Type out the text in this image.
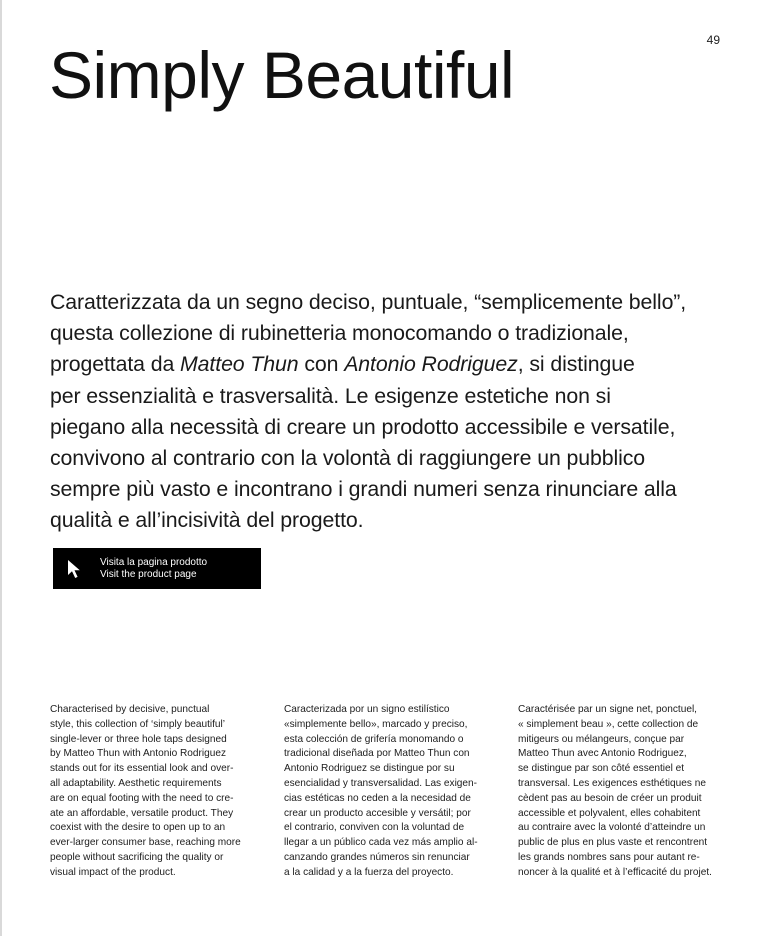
49
Simply Beautiful
Caratterizzata da un segno deciso, puntuale, “semplicemente bello”,
questa collezione di rubinetteria monocomando o tradizionale,
progettata da Matteo Thun con Antonio Rodriguez, si distingue
per essenzialità e trasversalità. Le esigenze estetiche non si
piegano alla necessità di creare un prodotto accessibile e versatile,
convivono al contrario con la volontà di raggiungere un pubblico
sempre più vasto e incontrano i grandi numeri senza rinunciare alla
qualità e all’incisività del progetto.
Visita la pagina prodotto
Visit the product page
Characterised by decisive, punctual
style, this collection of ‘simply beautiful’
single-lever or three hole taps designed
by Matteo Thun with Antonio Rodriguez
stands out for its essential look and over-
all adaptability. Aesthetic requirements
are on equal footing with the need to cre-
ate an affordable, versatile product. They
coexist with the desire to open up to an
ever-larger consumer base, reaching more
people without sacrificing the quality or
visual impact of the product.
Caracterizada por un signo estilístico
«simplemente bello», marcado y preciso,
esta colección de grifería monomando o
tradicional diseñada por Matteo Thun con
Antonio Rodriguez se distingue por su
esencialidad y transversalidad. Las exigen-
cias estéticas no ceden a la necesidad de
crear un producto accesible y versátil; por
el contrario, conviven con la voluntad de
llegar a un público cada vez más amplio al-
canzando grandes números sin renunciar
a la calidad y a la fuerza del proyecto.
Caractérisée par un signe net, ponctuel,
« simplement beau », cette collection de
mitigeurs ou mélangeurs, conçue par
Matteo Thun avec Antonio Rodriguez,
se distingue par son côté essentiel et
transversal. Les exigences esthétiques ne
cèdent pas au besoin de créer un produit
accessible et polyvalent, elles cohabitent
au contraire avec la volonté d’atteindre un
public de plus en plus vaste et rencontrent
les grands nombres sans pour autant re-
noncer à la qualité et à l’efficacité du projet.
